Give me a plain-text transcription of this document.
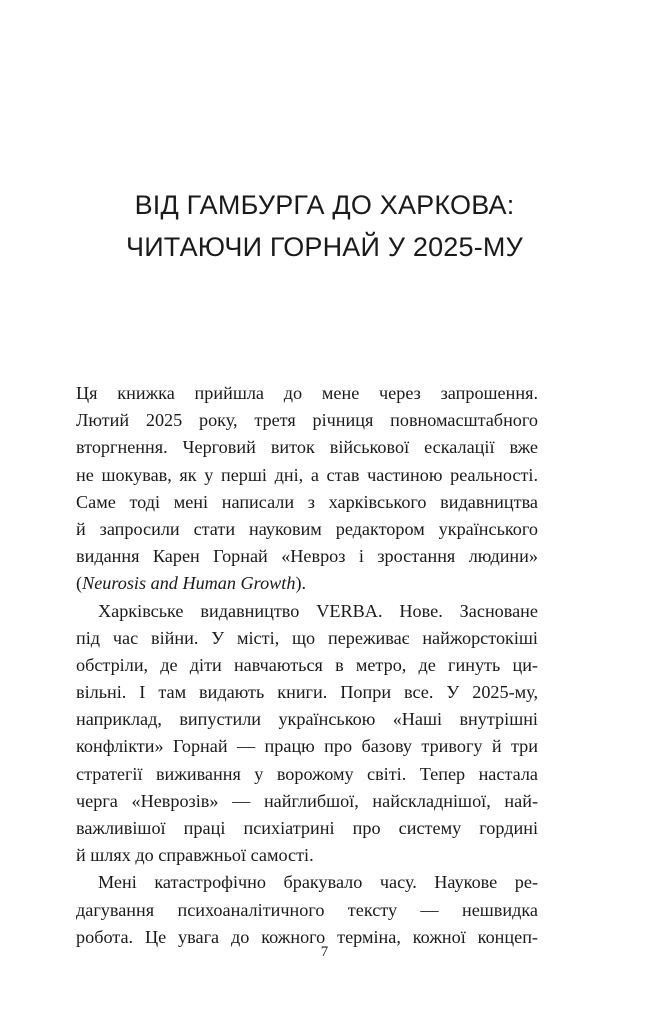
ВІД ГАМБУРГА ДО ХАРКОВА:
ЧИТАЮЧИ ГОРНАЙ У 2025-МУ
Ця книжка прийшла до мене через запрошення.
Лютий 2025 року, третя річниця повномасштабного
вторгнення. Черговий виток військової ескалації вже
не шокував, як у перші дні, а став частиною реальності.
Саме тоді мені написали з харківського видавництва
й запросили стати науковим редактором українського
видання Карен Горнай «Невроз і зростання людини»
(Neurosis and Human Growth).
Харківське видавництво VERBA. Нове. Засноване
під час війни. У місті, що переживає найжорстокіші
обстріли, де діти навчаються в метро, де гинуть ци-
вільні. І там видають книги. Попри все. У 2025-му,
наприклад, випустили українською «Наші внутрішні
конфлікти» Горнай — працю про базову тривогу й три
стратегії виживання у ворожому світі. Тепер настала
черга «Неврозів» — найглибшої, найскладнішої, най-
важливішої праці психіатрині про систему гордині
й шлях до справжньої самості.
Мені катастрофічно бракувало часу. Наукове ре-
дагування психоаналітичного тексту — нешвидка
робота. Це увага до кожного терміна, кожної концеп-
7
